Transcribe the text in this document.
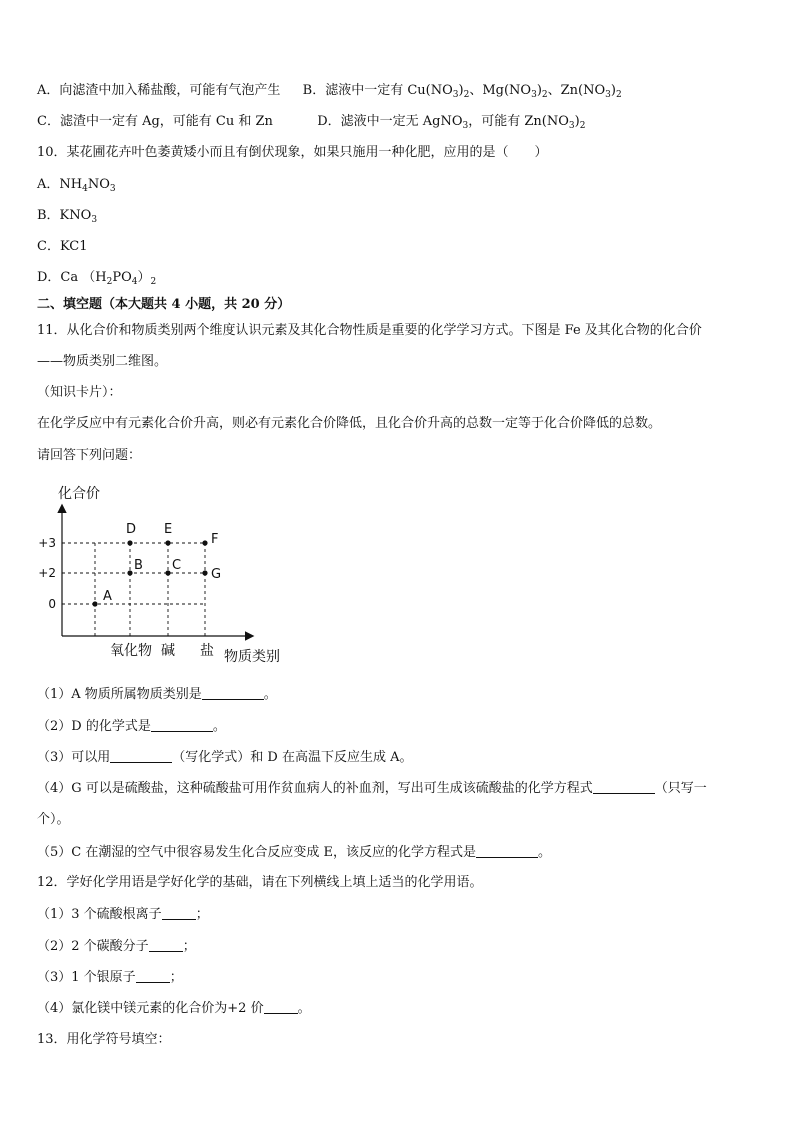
A．向滤渣中加入稀盐酸，可能有气泡产生 B．滤液中一定有 $Cu(NO_3)_2$、$Mg(NO_3)_2$、$Zn(NO_3)_2$
C．滤渣中一定有 Ag，可能有 Cu 和 Zn	D．滤液中一定无 AgNO$_3$，可能有 $Zn(NO_3)_2$
10．某花圃花卉叶色萎黄矮小而且有倒伏现象，如果只施用一种化肥，应用的是（　　）
A．$NH_4NO_3$
B．$KNO_3$
C．KC1
D．Ca $(H_2PO_4)_2$
二、填空题（本大题共 4 小题，共 20 分）
11．从化合价和物质类别两个维度认识元素及其化合物性质是重要的化学学习方式。下图是 Fe 及其化合物的化合价
——物质类别二维图。
（知识卡片）：
在化学反应中有元素化合价升高，则必有元素化合价降低，且化合价升高的总数一定等于化合价降低的总数。
请回答下列问题：
化合价
+3
+2
0
氧化物 碱 盐
A
B C
D E
F
G
物质类别
（1）A 物质所属物质类别是	。
（2）D 的化学式是	。
（3）可以用	（写化学式）和 D 在高温下反应生成 A。
（4）G 可以是硫酸盐，这种硫酸盐可用作贫血病人的补血剂，写出可生成该硫酸盐的化学方程式	（只写一
个）。
（5）C 在潮湿的空气中很容易发生化合反应变成 E，该反应的化学方程式是	。
12．学好化学用语是学好化学的基础，请在下列横线上填上适当的化学用语。
（1）3 个硫酸根离子	；
（2）2 个碳酸分子	；
（3）1 个银原子	；
（4）氯化镁中镁元素的化合价为+2 价	。
13．用化学符号填空：
